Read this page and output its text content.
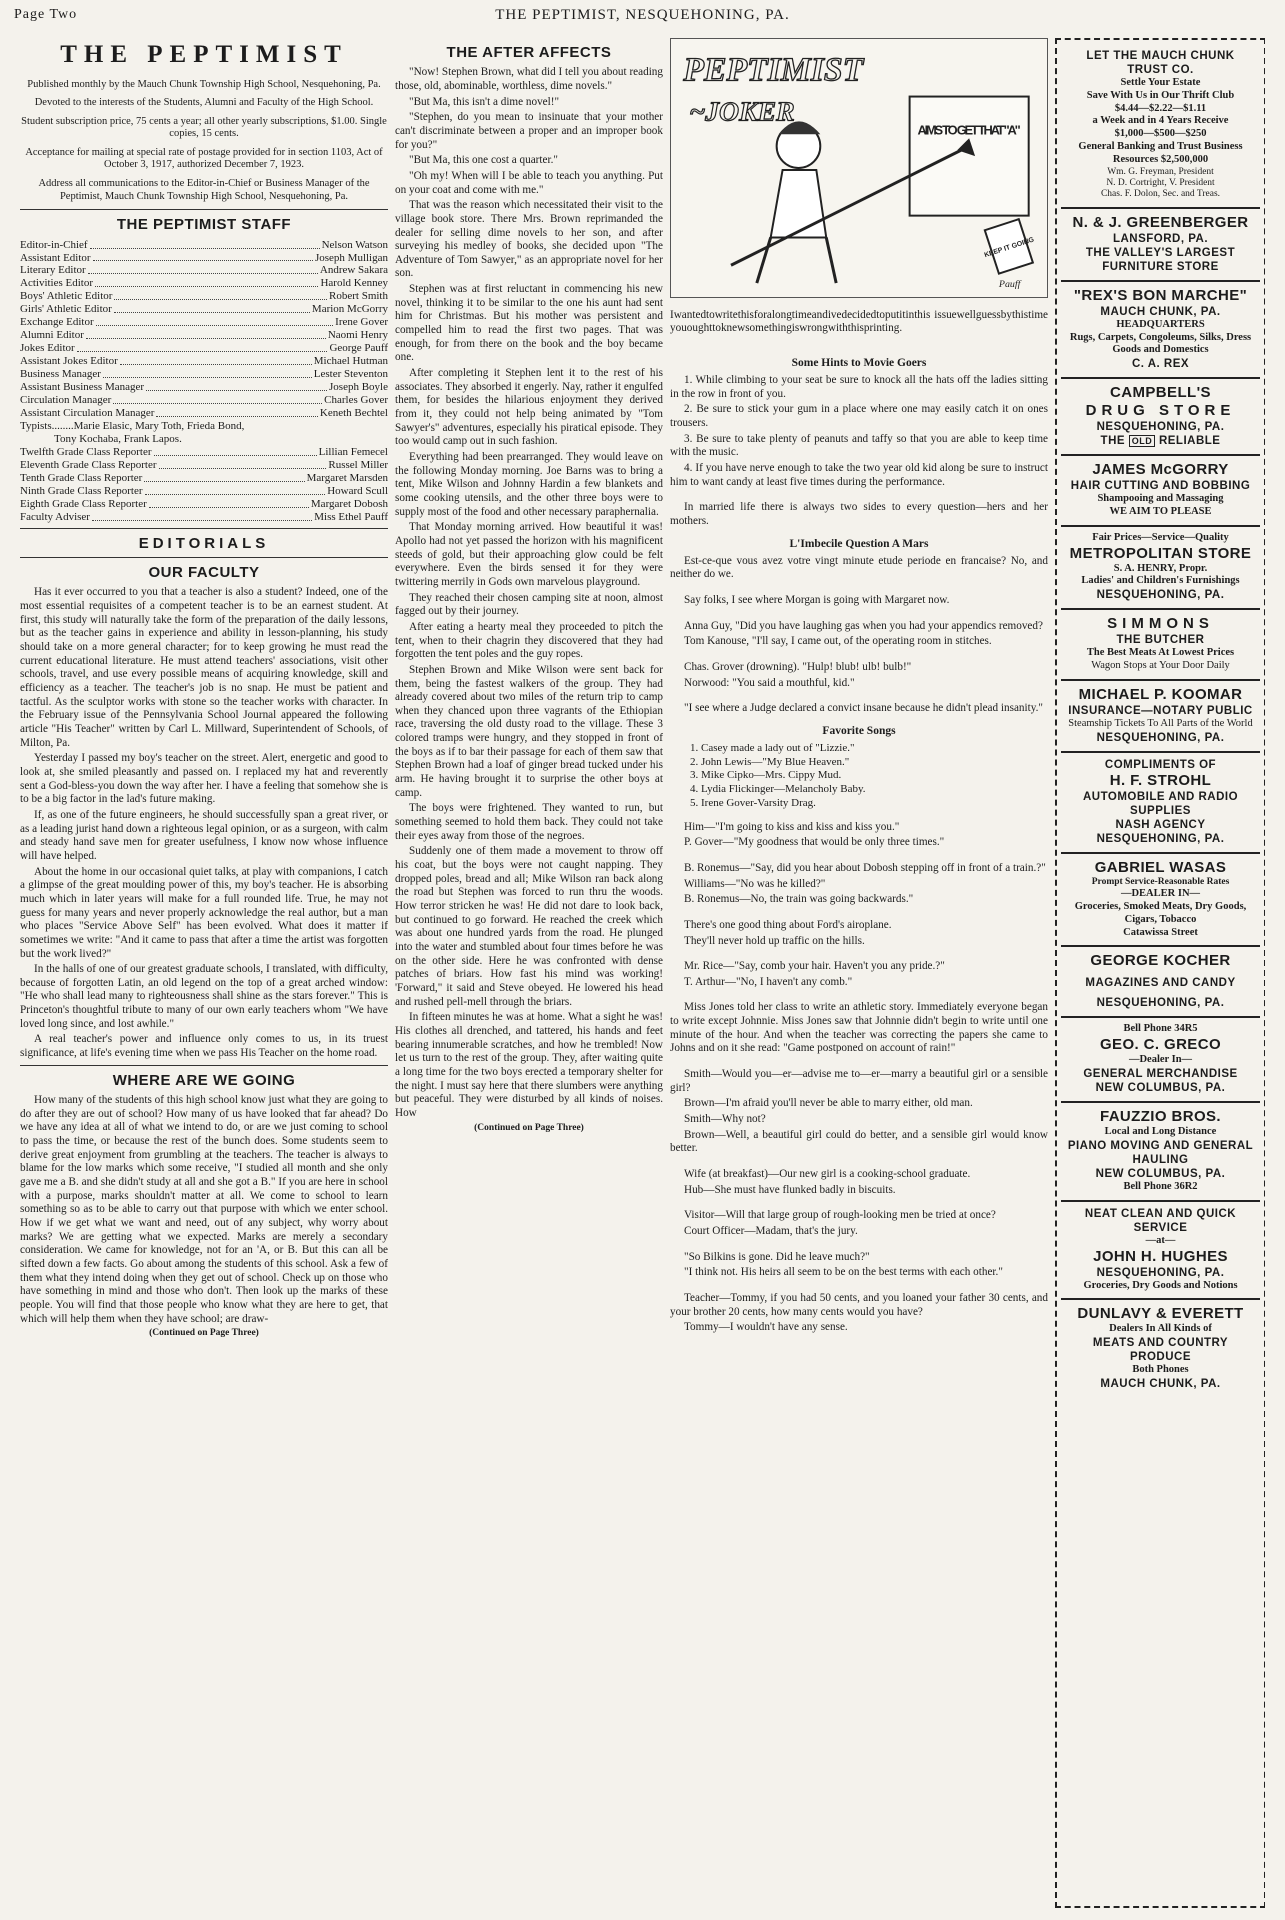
Page Two	THE PEPTIMIST, NESQUEHONING, PA.
THE PEPTIMIST
Published monthly by the Mauch Chunk Township High School, Nesquehoning, Pa.
Devoted to the interests of the Students, Alumni and Faculty of the High School.
Student subscription price, 75 cents a year; all other yearly subscriptions, $1.00. Single copies, 15 cents.
Acceptance for mailing at special rate of postage provided for in section 1103, Act of October 3, 1917, authorized December 7, 1923.
Address all communications to the Editor-in-Chief or Business Manager of the Peptimist, Mauch Chunk Township High School, Nesquehoning, Pa.
THE PEPTIMIST STAFF
Editor-in-Chief	Nelson Watson
Assistant Editor	Joseph Mulligan
Literary Editor	Andrew Sakara
Activities Editor	Harold Kenney
Boys' Athletic Editor	Robert Smith
Girls' Athletic Editor	Marion McGorry
Exchange Editor	Irene Gover
Alumni Editor	Naomi Henry
Jokes Editor	George Pauff
Assistant Jokes Editor	Michael Hutman
Business Manager	Lester Steventon
Assistant Business Manager	Joseph Boyle
Circulation Manager	Charles Gover
Assistant Circulation Manager	Keneth Bechtel
Typists........Marie Elasic, Mary Toth, Frieda Bond,
Tony Kochaba, Frank Lapos.
Twelfth Grade Class Reporter	Lillian Femecel
Eleventh Grade Class Reporter	Russel Miller
Tenth Grade Class Reporter	Margaret Marsden
Ninth Grade Class Reporter	Howard Scull
Eighth Grade Class Reporter	Margaret Dobosh
Faculty Adviser	Miss Ethel Pauff
EDITORIALS
OUR FACULTY

Has it ever occurred to you that a teacher is also a student? Indeed, one of the most essential requisites of a competent teacher is to be an earnest student. At first, this study will naturally take the form of the preparation of the daily lessons, but as the teacher gains in experience and ability in lesson-planning, his study should take on a more general character; for to keep growing he must read the current educational literature. He must attend teachers' associations, visit other schools, travel, and use every possible means of acquiring knowledge, skill and efficiency as a teacher. The teacher's job is no snap. He must be patient and tactful. As the sculptor works with stone so the teacher works with character. In the February issue of the Pennsylvania School Journal appeared the following article "His Teacher" written by Carl L. Millward, Superintendent of Schools, of Milton, Pa.

Yesterday I passed my boy's teacher on the street. Alert, energetic and good to look at, she smiled pleasantly and passed on. I replaced my hat and reverently sent a God-bless-you down the way after her. I have a feeling that somehow she is to be a big factor in the lad's future making.

If, as one of the future engineers, he should successfully span a great river, or as a leading jurist hand down a righteous legal opinion, or as a surgeon, with calm and steady hand save men for greater usefulness, I know now whose influence will have helped.

About the home in our occasional quiet talks, at play with companions, I catch a glimpse of the great moulding power of this, my boy's teacher. He is absorbing much which in later years will make for a full rounded life. True, he may not guess for many years and never properly acknowledge the real author, but a man who places "Service Above Self" has been evolved. What does it matter if sometimes we write: "And it came to pass that after a time the artist was forgotten but the work lived?"

In the halls of one of our greatest graduate schools, I translated, with difficulty, because of forgotten Latin, an old legend on the top of a great arched window: "He who shall lead many to righteousness shall shine as the stars forever." This is Princeton's thoughtful tribute to many of our own early teachers whom "We have loved long since, and lost awhile."

A real teacher's power and influence only comes to us, in its truest significance, at life's evening time when we pass His Teacher on the home road.

WHERE ARE WE GOING

How many of the students of this high school know just what they are going to do after they are out of school? How many of us have looked that far ahead? Do we have any idea at all of what we intend to do, or are we just coming to school to pass the time, or because the rest of the bunch does. Some students seem to derive great enjoyment from grumbling at the teachers. The teacher is always to blame for the low marks which some receive, "I studied all month and she only gave me a B. and she didn't study at all and she got a B." If you are here in school with a purpose, marks shouldn't matter at all. We come to school to learn something so as to be able to carry out that purpose with which we enter school. How if we get what we want and need, out of any subject, why worry about marks? We are getting what we expected. Marks are merely a secondary consideration. We came for knowledge, not for an 'A, or B. But this can all be sifted down a few facts. Go about among the students of this school. Ask a few of them what they intend doing when they get out of school. Check up on those who have something in mind and those who don't. Then look up the marks of these people. You will find that those people who know what they are here to get, that which will help them when they have school; are draw-

(Continued on Page Three)
THE AFTER AFFECTS

"Now! Stephen Brown, what did I tell you about reading those, old, abominable, worthless, dime novels."

"But Ma, this isn't a dime novel!"

"Stephen, do you mean to insinuate that your mother can't discriminate between a proper and an improper book for you?"

"But Ma, this one cost a quarter."

"Oh my! When will I be able to teach you anything. Put on your coat and come with me."

That was the reason which necessitated their visit to the village book store. There Mrs. Brown reprimanded the dealer for selling dime novels to her son, and after surveying his medley of books, she decided upon "The Adventure of Tom Sawyer," as an appropriate novel for her son.

Stephen was at first reluctant in commencing his new novel, thinking it to be similar to the one his aunt had sent him for Christmas. But his mother was persistent and compelled him to read the first two pages. That was enough, for from there on the book and the boy became one.

After completing it Stephen lent it to the rest of his associates. They absorbed it engerly. Nay, rather it engulfed them, for besides the hilarious enjoyment they derived from it, they could not help being animated by "Tom Sawyer's" adventures, especially his piratical episode. They too would camp out in such fashion.

Everything had been prearranged. They would leave on the following Monday morning. Joe Barns was to bring a tent, Mike Wilson and Johnny Hardin a few blankets and some cooking utensils, and the other three boys were to supply most of the food and other necessary paraphernalia.

That Monday morning arrived. How beautiful it was! Apollo had not yet passed the horizon with his magnificent steeds of gold, but their approaching glow could be felt everywhere. Even the birds sensed it for they were twittering merrily in Gods own marvelous playground.

They reached their chosen camping site at noon, almost fagged out by their journey.

After eating a hearty meal they proceeded to pitch the tent, when to their chagrin they discovered that they had forgotten the tent poles and the guy ropes.

Stephen Brown and Mike Wilson were sent back for them, being the fastest walkers of the group. They had already covered about two miles of the return trip to camp when they chanced upon three vagrants of the Ethiopian race, traversing the old dusty road to the village. These 3 colored tramps were hungry, and they stopped in front of the boys as if to bar their passage for each of them saw that Stephen Brown had a loaf of ginger bread tucked under his arm. He having brought it to surprise the other boys at camp.

The boys were frightened. They wanted to run, but something seemed to hold them back. They could not take their eyes away from those of the negroes.

Suddenly one of them made a movement to throw off his coat, but the boys were not caught napping. They dropped poles, bread and all; Mike Wilson ran back along the road but Stephen was forced to run thru the woods. How terror stricken he was! He did not dare to look back, but continued to go forward. He reached the creek which was about one hundred yards from the road. He plunged into the water and stumbled about four times before he was on the other side. Here he was confronted with dense patches of briars. How fast his mind was working! 'Forward," it said and Steve obeyed. He lowered his head and rushed pell-mell through the briars.

In fifteen minutes he was at home. What a sight he was! His clothes all drenched, and tattered, his hands and feet bearing innumerable scratches, and how he trembled! Now let us turn to the rest of the group. They, after waiting quite a long time for the two boys erected a temporary shelter for the night. I must say here that there slumbers were anything but peaceful. They were disturbed by all kinds of noises. How

(Continued on Page Three)
PEPTIMIST
~JOKER
AIMS TO GET THAT "A"
KEEP IT GOING
Pauff

Iwantedtowritethisforalongtimeandivedecidedtoputitinthis issuewellguessbythistimeyououghttoknewsomethingiswrongwiththisprinting.

Some Hints to Movie Goers

1. While climbing to your seat be sure to knock all the hats off the ladies sitting in the row in front of you.

2. Be sure to stick your gum in a place where one may easily catch it on ones trousers.

3. Be sure to take plenty of peanuts and taffy so that you are able to keep time with the music.

4. If you have nerve enough to take the two year old kid along be sure to instruct him to want candy at least five times during the performance.

In married life there is always two sides to every question—hers and her mothers.

L'Imbecile Question A Mars

Est-ce-que vous avez votre vingt minute etude periode en francaise? No, and neither do we.

Say folks, I see where Morgan is going with Margaret now.

Anna Guy, "Did you have laughing gas when you had your appendics removed?

Tom Kanouse, "I'll say, I came out, of the operating room in stitches.

Chas. Grover (drowning). "Hulp! blub! ulb! bulb!"

Norwood: "You said a mouthful, kid."

"I see where a Judge declared a convict insane because he didn't plead insanity."

Favorite Songs
1. Casey made a lady out of "Lizzie."
2. John Lewis—"My Blue Heaven."
3. Mike Cipko—Mrs. Cippy Mud.
4. Lydia Flickinger—Melancholy Baby.
5. Irene Gover-Varsity Drag.

Him—"I'm going to kiss and kiss and kiss you."

P. Gover—"My goodness that would be only three times."

B. Ronemus—"Say, did you hear about Dobosh stepping off in front of a train.?"

Williams—"No was he killed?"

B. Ronemus—No, the train was going backwards."

There's one good thing about Ford's airoplane.

They'll never hold up traffic on the hills.

Mr. Rice—"Say, comb your hair. Haven't you any pride.?"

T. Arthur—"No, I haven't any comb."

Miss Jones told her class to write an athletic story. Immediately everyone began to write except Johnnie. Miss Jones saw that Johnnie didn't begin to write until one minute of the hour. And when the teacher was correcting the papers she came to Johns and on it she read: "Game postponed on account of rain!"

Smith—Would you—er—advise me to—er—marry a beautiful girl or a sensible girl?

Brown—I'm afraid you'll never be able to marry either, old man.

Smith—Why not?

Brown—Well, a beautiful girl could do better, and a sensible girl would know better.

Wife (at breakfast)—Our new girl is a cooking-school graduate.

Hub—She must have flunked badly in biscuits.

Visitor—Will that large group of rough-looking men be tried at once?

Court Officer—Madam, that's the jury.

"So Bilkins is gone. Did he leave much?"

"I think not. His heirs all seem to be on the best terms with each other."

Teacher—Tommy, if you had 50 cents, and you loaned your father 30 cents, and your brother 20 cents, how many cents would you have?

Tommy—I wouldn't have any sense.

LET THE MAUCH CHUNK
TRUST CO.
Settle Your Estate
Save With Us in Our Thrift Club
$4.44—$2.22—$1.11
a Week and in 4 Years Receive
$1,000—$500—$250
General Banking and Trust Business
Resources $2,500,000
Wm. G. Freyman, President
N. D. Cortright, V. President
Chas. F. Dolon, Sec. and Treas.
N. & J. GREENBERGER
LANSFORD, PA.
THE VALLEY'S LARGEST
FURNITURE STORE
"REX'S BON MARCHE"
MAUCH CHUNK, PA.
HEADQUARTERS
Rugs, Carpets, Congoleums, Silks, Dress Goods and Domestics
C. A. REX
CAMPBELL'S
DRUG STORE
NESQUEHONING, PA.
THE OLD RELIABLE
JAMES McGORRY
HAIR CUTTING AND BOBBING
Shampooing and Massaging
WE AIM TO PLEASE
Fair Prices—Service—Quality
METROPOLITAN STORE
S. A. HENRY, Propr.
Ladies' and Children's Furnishings
NESQUEHONING, PA.
SIMMONS
THE BUTCHER
The Best Meats At Lowest Prices
Wagon Stops at Your Door Daily
MICHAEL P. KOOMAR
INSURANCE—NOTARY PUBLIC
Steamship Tickets To All Parts of the World
NESQUEHONING, PA.
COMPLIMENTS OF
H. F. STROHL
AUTOMOBILE AND RADIO SUPPLIES
NASH AGENCY
NESQUEHONING, PA.
GABRIEL WASAS
Prompt Service-Reasonable Rates
—DEALER IN—
Groceries, Smoked Meats, Dry Goods, Cigars, Tobacco
Catawissa Street
GEORGE KOCHER
MAGAZINES AND CANDY
NESQUEHONING, PA.
Bell Phone 34R5
GEO. C. GRECO
—Dealer In—
GENERAL MERCHANDISE
NEW COLUMBUS, PA.
FAUZZIO BROS.
Local and Long Distance
PIANO MOVING AND GENERAL HAULING
NEW COLUMBUS, PA.
Bell Phone 36R2
NEAT CLEAN AND QUICK SERVICE
—at—
JOHN H. HUGHES
NESQUEHONING, PA.
Groceries, Dry Goods and Notions
DUNLAVY & EVERETT
Dealers In All Kinds of
MEATS AND COUNTRY PRODUCE
Both Phones
MAUCH CHUNK, PA.
